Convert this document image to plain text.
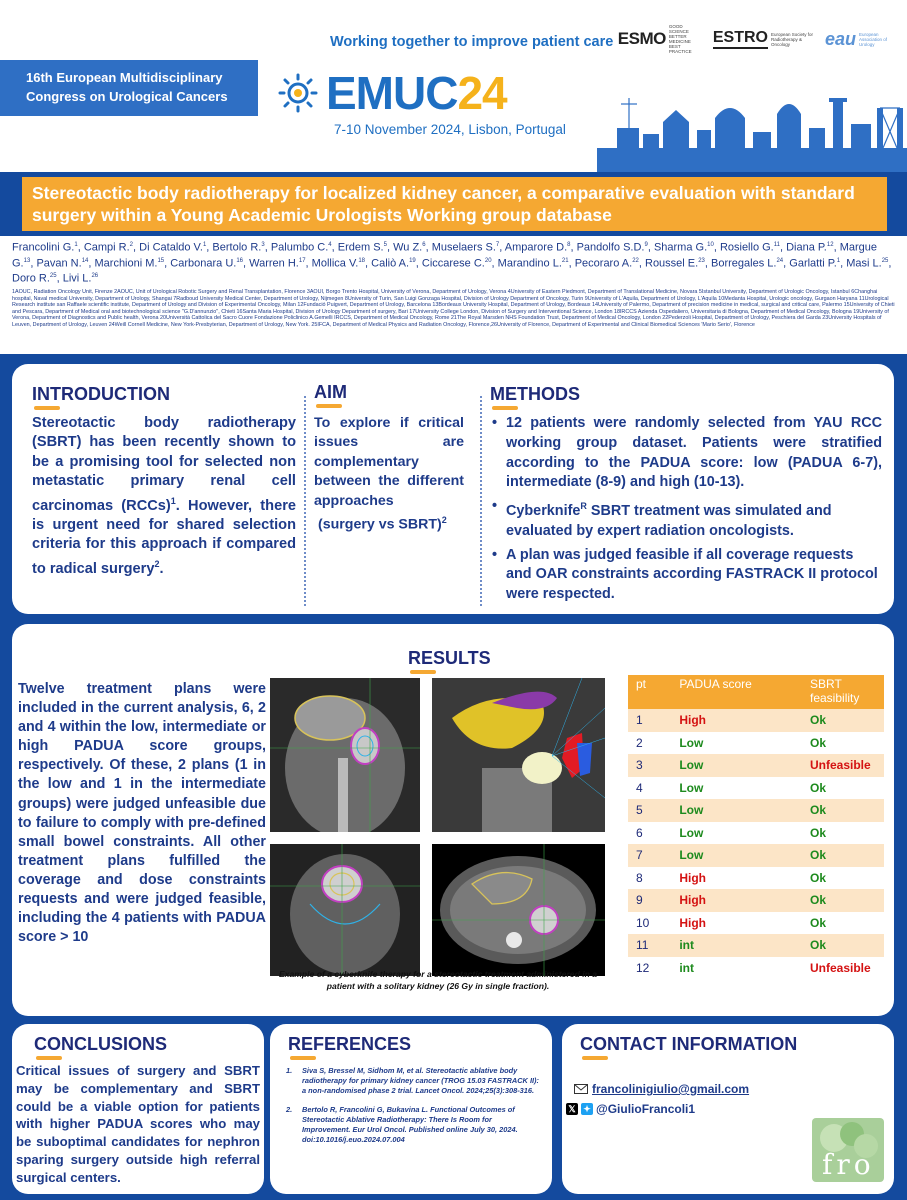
Working together to improve patient care ESMO
GOOD SCIENCE BETTER MEDICINE BEST PRACTICE
ESTRO European Society for Radiotherapy & Oncology	eau European Association of Urology
16th European Multidisciplinary
Congress on Urological Cancers	EMUC24
7-10 November 2024, Lisbon, Portugal
Stereotactic body radiotherapy for localized kidney cancer, a comparative evaluation with standard surgery within a Young Academic Urologists Working group database
Francolini G.$^1$, Campi R.$^2$, Di Cataldo V.$^1$, Bertolo R.$^3$, Palumbo C.$^4$, Erdem S.$^5$, Wu Z.$^6$, Muselaers S.$^7$, Amparore D.$^8$, Pandolfo S.D.$^9$, Sharma G.$^{10}$, Rosiello G.$^{11}$, Diana P.$^{12}$, Margue G.$^{13}$, Pavan N.$^{14}$, Marchioni M.$^{15}$, Carbonara U.$^{16}$, Warren H.$^{17}$, Mollica V.$^{18}$, Caliò A.$^{19}$, Ciccarese C.$^{20}$, Marandino L.$^{21}$, Pecoraro A.$^{22}$, Roussel E.$^{23}$, Borregales L.$^{24}$, Garlatti P.$^1$, Masi L.$^{25}$, Doro R.$^{25}$, Livi L.$^{26}$
1AOUC, Radiation Oncology Unit, Firenze 2AOUC, Unit of Urological Robotic Surgery and Renal Transplantation, Florence 3AOUI, Borgo Trento Hospital, University of Verona, Department of Urology, Verona 4University of Eastern Piedmont, Department of Translational Medicine, Novara 5Istanbul University, Department of Urologic Oncology, Istanbul 6Changhai hospital, Naval medical University, Department of Urology, Shangai 7Radboud University Medical Center, Department of Urology, Nijmegen 8University of Turin, San Luigi Gonzaga Hospital, Division of Urology Department of Oncology, Turin 9University of L'Aquila, Department of Urology, L'Aquila 10Medanta Hospital, Urologic oncology, Gurgaon Haryana 11Urological Research institute san Raffaele scientific institute, Department of Urology and Division of Experimental Oncology, Milan 12Fundació Puigvert, Department of Urology, Barcelona 13Bordeaux University Hospital, Department of Urology, Bordeaux 14University of Palermo, Department of precision medicine in medical, surgical and critical care, Palermo 15University of Chieti and Pescara, Department of Medical oral and biotechnological science "G.D'annunzio", Chieti 16Santa Maria Hospital, Division of Urology Department of surgery, Bari 17University College London, Division of Surgery and Interventional Science, London 18IRCCS Azienda Ospedaliero, Universitaria di Bologna, Department of Medical Oncology, Bologna 19University of Verona, Department of Diagnostics and Public health, Verona 20Università Cattolica del Sacro Cuore Fondazione Policlinico A.Gemelli IRCCS, Department of Medical Oncology, Rome 21The Royal Marsden NHS Foundation Trust, Department of Medical Oncology, London 22Pederzoli Hospital, Department of Urology, Peschiera del Garda 23University Hospitals of Leuven, Department of Urology, Leuven 24Weill Cornell Medicine, New York-Presbyterian, Department of Urology, New York. 25IFCA, Department of Medical Physics and Radiation Oncology, Florence,26University of Florence, Department of Experimental and Clinical Biomedical Sciences 'Mario Serio', Florence
INTRODUCTION

Stereotactic body radiotherapy (SBRT) has been recently shown to be a promising tool for selected non metastatic primary renal cell carcinomas (RCCs)$^1$. However, there is urgent need for shared selection criteria for this approach if compared to radical surgery$^2$.

AIM

To explore if critical issues are complementary between the different approaches

(surgery vs SBRT)$^2$

METHODS
• 12 patients were randomly selected from YAU RCC working group dataset. Patients were stratified according to the PADUA score: low (PADUA 6-7), intermediate (8-9) and high (10-13).
• Cyberknife$^R$ SBRT treatment was simulated and evaluated by expert radiation oncologists.
• A plan was judged feasible if all coverage requests and OAR constraints according FASTRACK II protocol were respected.
RESULTS
Twelve treatment plans were included in the current analysis, 6, 2 and 4 within the low, intermediate or high PADUA score groups, respectively. Of these, 2 plans (1 in the low and 1 in the intermediate groups) were judged unfeasible due to failure to comply with pre-defined small bowel constraints. All other treatment plans fulfilled the coverage and dose constraints requests and were judged feasible, including the 4 patients with PADUA score > 10
Example of a cyberknife therapy for a stereotactic treatment administered in a patient with a solitary kidney (26 Gy in single fraction).
pt	PADUA score	SBRT feasibility
1	High	Ok
2	Low	Ok
3	Low	Unfeasible
4	Low	Ok
5	Low	Ok
6	Low	Ok
7	Low	Ok
8	High	Ok
9	High	Ok
10	High	Ok
11	int	Ok
12	int	Unfeasible
CONCLUSIONS
Critical issues of surgery and SBRT may be complementary and SBRT could be a viable option for patients with higher PADUA scores who may be suboptimal candidates for nephron sparing surgery outside high referral surgical centers.
REFERENCES
1. Siva S, Bressel M, Sidhom M, et al. Stereotactic ablative body radiotherapy for primary kidney cancer (TROG 15.03 FASTRACK II): a non-randomised phase 2 trial. Lancet Oncol. 2024;25(3):308-316.
2. Bertolo R, Francolini G, Bukavina L. Functional Outcomes of Stereotactic Ablative Radiotherapy: There Is Room for Improvement. Eur Urol Oncol. Published online July 30, 2024. doi:10.1016/j.euo.2024.07.004
CONTACT INFORMATION
francolinigiulio@gmail.com
𝕏 ✦ @GiulioFrancoli1
fro
